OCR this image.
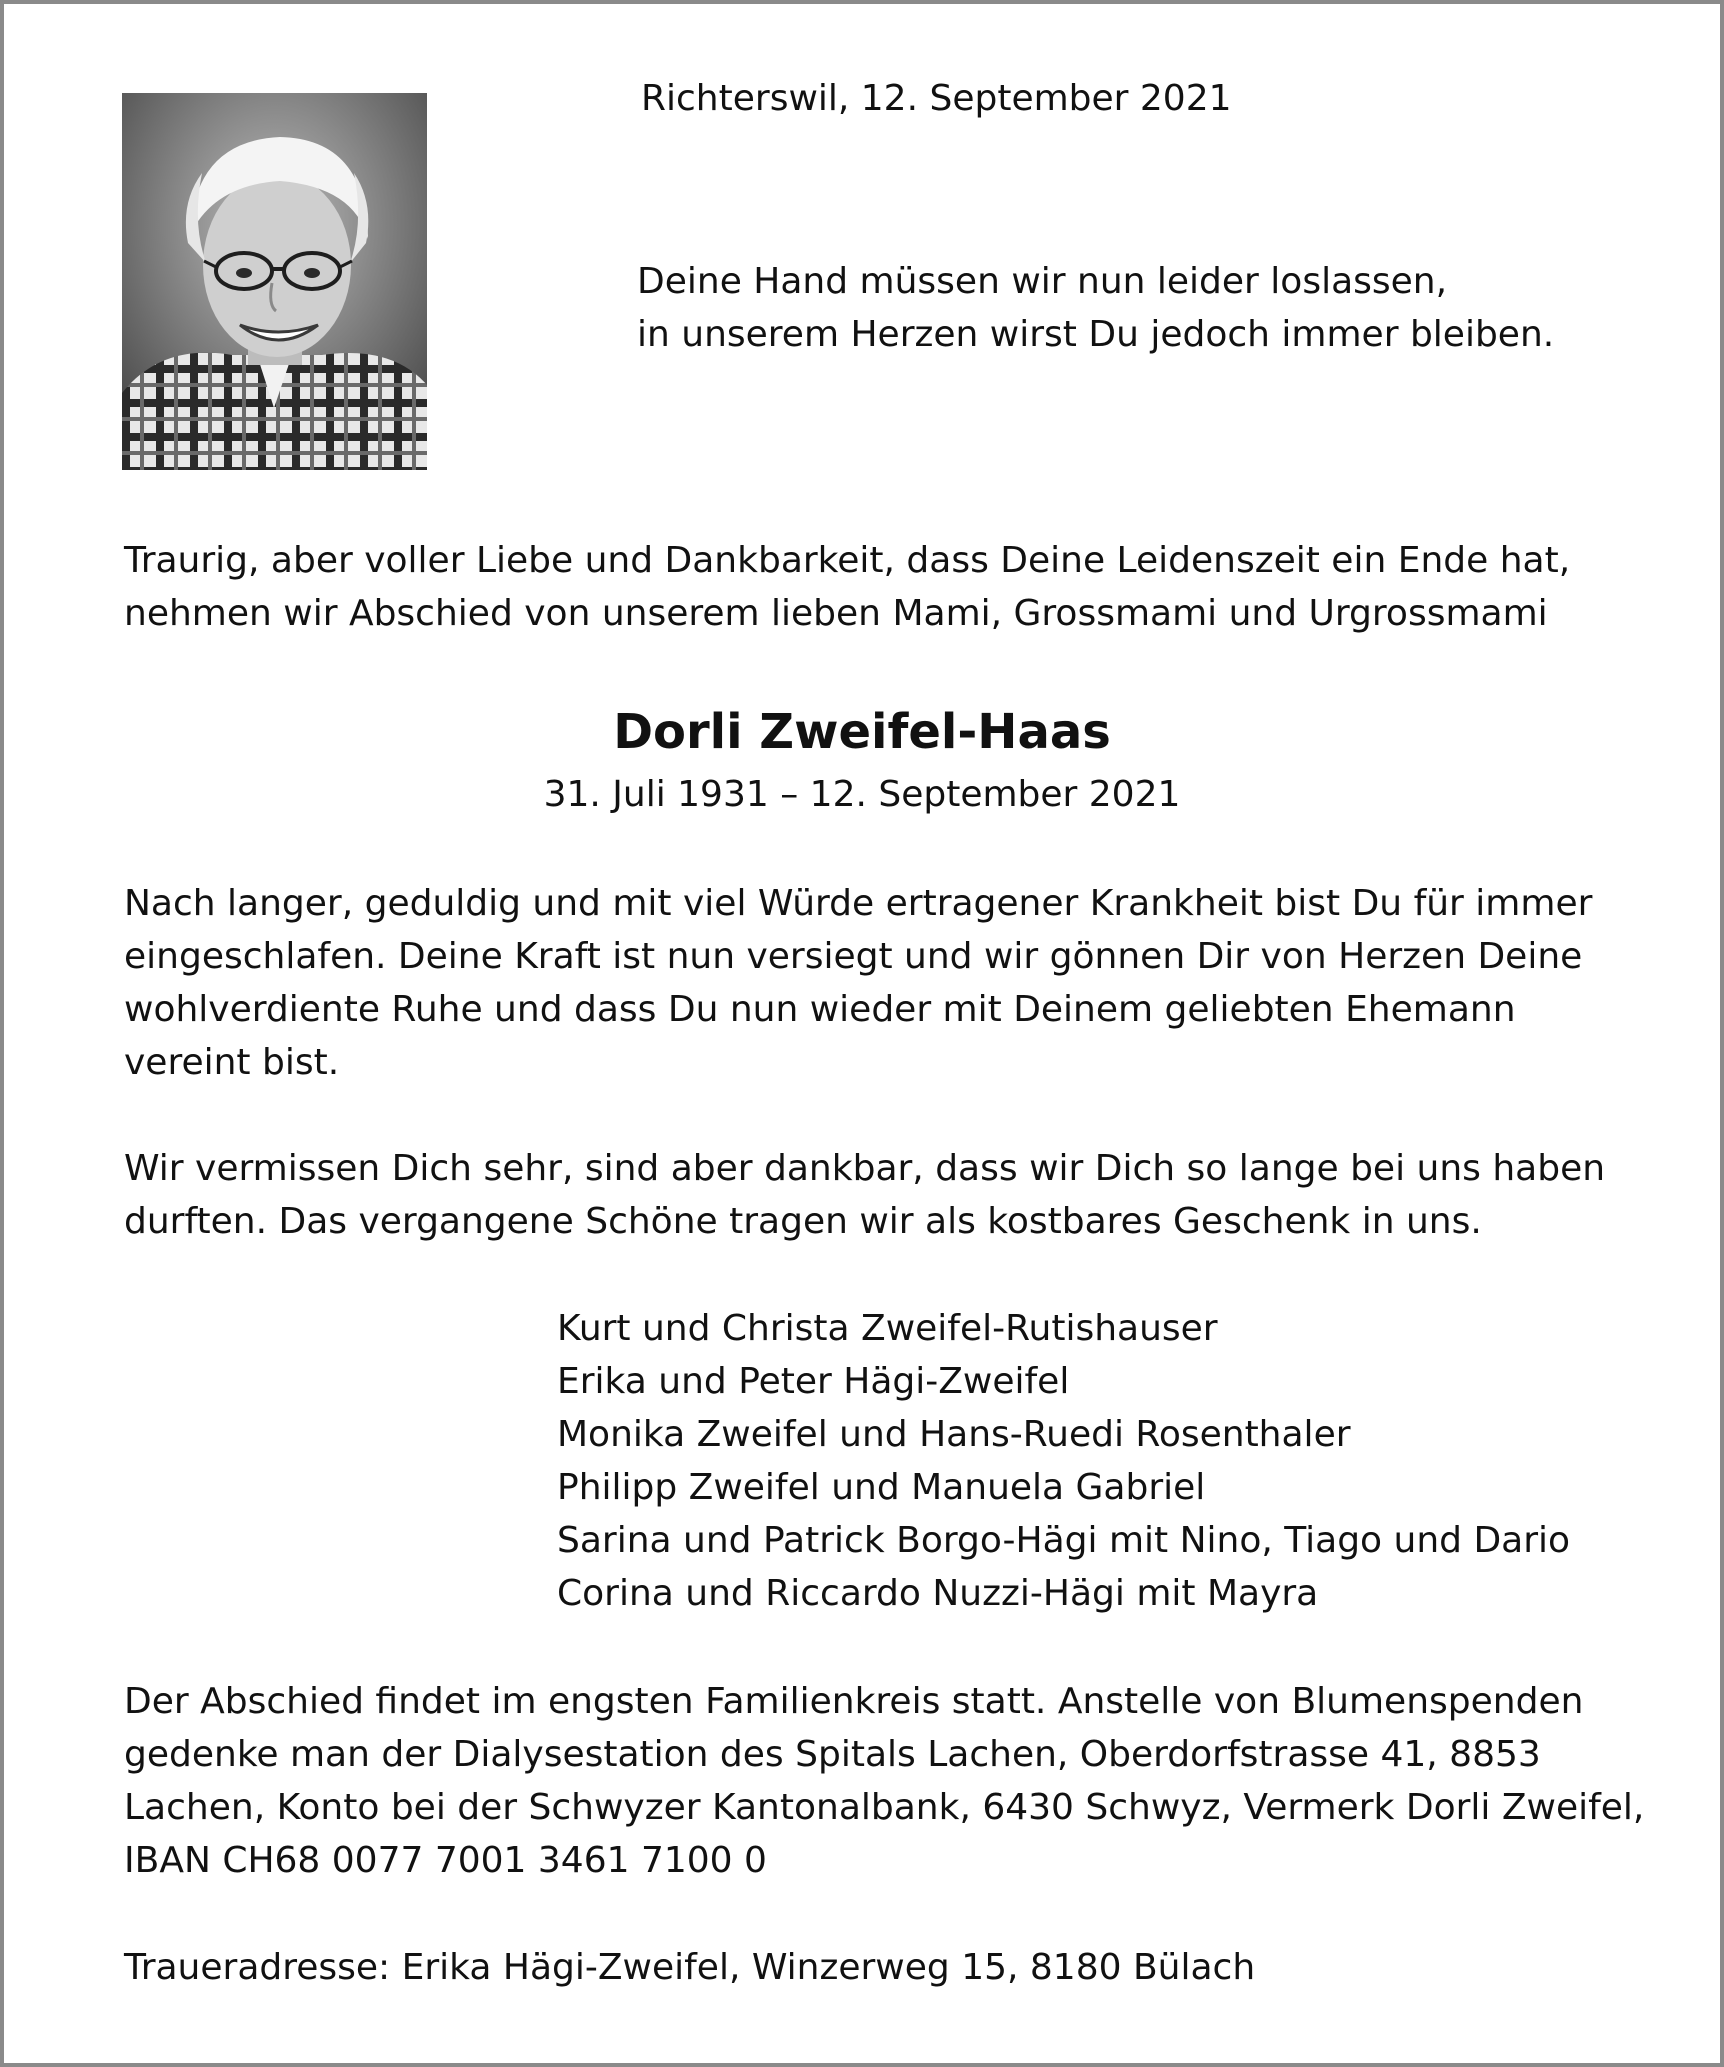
Richterswil, 12. September 2021

Deine Hand müssen wir nun leider loslassen,
in unserem Herzen wirst Du jedoch immer bleiben.

Traurig, aber voller Liebe und Dankbarkeit, dass Deine Leidenszeit ein Ende hat,
nehmen wir Abschied von unserem lieben Mami, Grossmami und Urgrossmami

Dorli Zweifel-Haas

31. Juli 1931 – 12. September 2021

Nach langer, geduldig und mit viel Würde ertragener Krankheit bist Du für immer
eingeschlafen. Deine Kraft ist nun versiegt und wir gönnen Dir von Herzen Deine
wohlverdiente Ruhe und dass Du nun wieder mit Deinem geliebten Ehemann
vereint bist.

Wir vermissen Dich sehr, sind aber dankbar, dass wir Dich so lange bei uns haben
durften. Das vergangene Schöne tragen wir als kostbares Geschenk in uns.

Kurt und Christa Zweifel-Rutishauser
Erika und Peter Hägi-Zweifel
Monika Zweifel und Hans-Ruedi Rosenthaler
Philipp Zweifel und Manuela Gabriel
Sarina und Patrick Borgo-Hägi mit Nino, Tiago und Dario
Corina und Riccardo Nuzzi-Hägi mit Mayra

Der Abschied findet im engsten Familienkreis statt. Anstelle von Blumenspenden
gedenke man der Dialysestation des Spitals Lachen, Oberdorfstrasse 41, 8853
Lachen, Konto bei der Schwyzer Kantonalbank, 6430 Schwyz, Vermerk Dorli Zweifel,
IBAN CH68 0077 7001 3461 7100 0

Traueradresse: Erika Hägi-Zweifel, Winzerweg 15, 8180 Bülach
